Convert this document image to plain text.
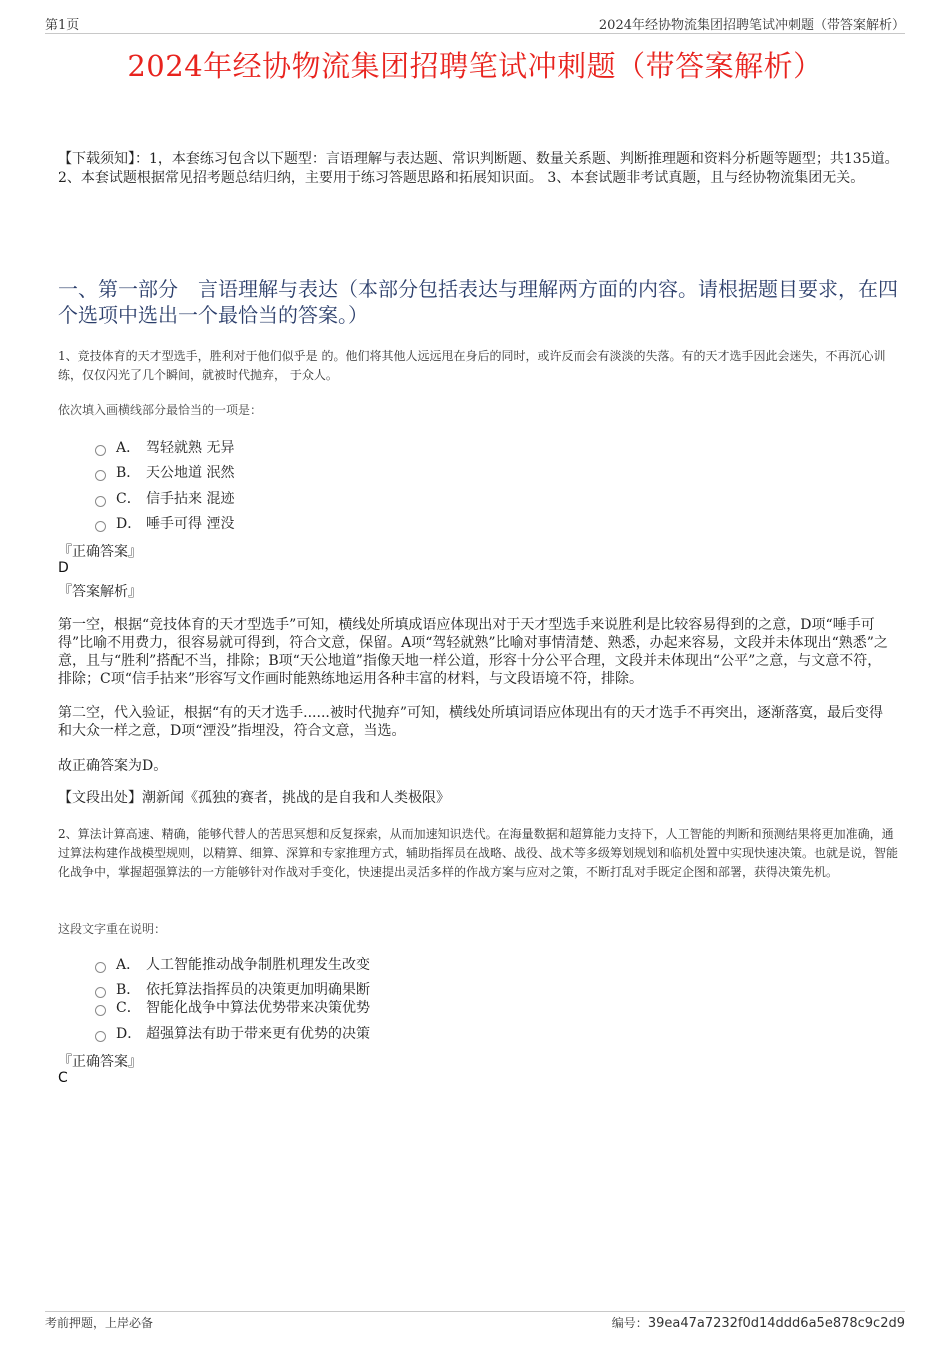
第1页	2024年经协物流集团招聘笔试冲刺题（带答案解析）
2024年经协物流集团招聘笔试冲刺题（带答案解析）
【下载须知】：1，本套练习包含以下题型：言语理解与表达题、常识判断题、数量关系题、判断推理题和资料分析题等题型；共135道。 2、本套试题根据常见招考题总结归纳，主要用于练习答题思路和拓展知识面。 3、本套试题非考试真题，且与经协物流集团无关。
一、第一部分　言语理解与表达（本部分包括表达与理解两方面的内容。请根据题目要求，在四个选项中选出一个最恰当的答案。）
1、竞技体育的天才型选手，胜利对于他们似乎是 的。他们将其他人远远甩在身后的同时，或许反而会有淡淡的失落。有的天才选手因此会迷失，不再沉心训练，仅仅闪光了几个瞬间，就被时代抛弃， 于众人。
依次填入画横线部分最恰当的一项是：
A． 驾轻就熟 无异
B． 天公地道 泯然
C． 信手拈来 混迹
D． 唾手可得 湮没
『正确答案』
D
『答案解析』
第一空，根据“竞技体育的天才型选手”可知，横线处所填成语应体现出对于天才型选手来说胜利是比较容易得到的之意，D项“唾手可得”比喻不用费力，很容易就可得到，符合文意，保留。A项“驾轻就熟”比喻对事情清楚、熟悉，办起来容易，文段并未体现出“熟悉”之意，且与“胜利”搭配不当，排除；B项“天公地道”指像天地一样公道，形容十分公平合理，文段并未体现出“公平”之意，与文意不符，排除；C项“信手拈来”形容写文作画时能熟练地运用各种丰富的材料，与文段语境不符，排除。
第二空，代入验证，根据“有的天才选手......被时代抛弃”可知，横线处所填词语应体现出有的天才选手不再突出，逐渐落寞，最后变得和大众一样之意，D项“湮没”指埋没，符合文意，当选。
故正确答案为D。
【文段出处】潮新闻《孤独的赛者，挑战的是自我和人类极限》
2、算法计算高速、精确，能够代替人的苦思冥想和反复探索，从而加速知识迭代。在海量数据和超算能力支持下，人工智能的判断和预测结果将更加准确，通过算法构建作战模型规则，以精算、细算、深算和专家推理方式，辅助指挥员在战略、战役、战术等多级筹划规划和临机处置中实现快速决策。也就是说，智能化战争中，掌握超强算法的一方能够针对作战对手变化，快速提出灵活多样的作战方案与应对之策，不断打乱对手既定企图和部署，获得决策先机。
这段文字重在说明：
A． 人工智能推动战争制胜机理发生改变
B． 依托算法指挥员的决策更加明确果断
C． 智能化战争中算法优势带来决策优势
D． 超强算法有助于带来更有优势的决策
『正确答案』
C
考前押题，上岸必备	编号：39ea47a7232f0d14ddd6a5e878c9c2d9
